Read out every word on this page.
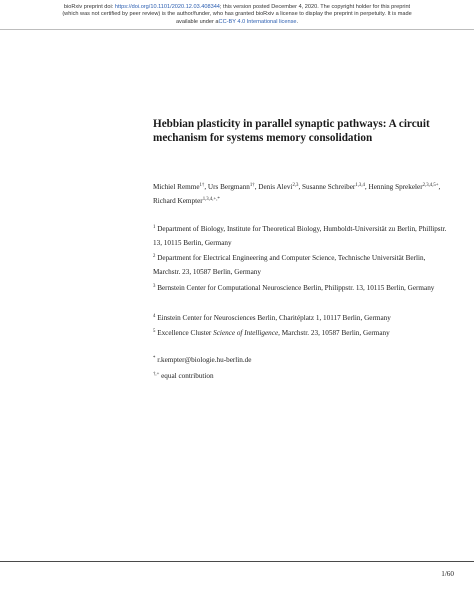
bioRxiv preprint doi: https://doi.org/10.1101/2020.12.03.408344; this version posted December 4, 2020. The copyright holder for this preprint
(which was not certified by peer review) is the author/funder, who has granted bioRxiv a license to display the preprint in perpetuity. It is made
available under aCC-BY 4.0 International license.
Hebbian plasticity in parallel synaptic pathways: A circuit mechanism for systems memory consolidation
Michiel Remme$^{1\dagger}$, Urs Bergmann$^{1\dagger}$, Denis Alevi$^{2,3}$, Susanne Schreiber$^{1,3,4}$, Henning Sprekeler$^{2,3,4,5+}$, Richard Kempter$^{1,3,4,+,*}$
$^1$ Department of Biology, Institute for Theoretical Biology, Humboldt-Universität zu Berlin, Phillipstr. 13, 10115 Berlin, Germany
$^2$ Department for Electrical Engineering and Computer Science, Technische Universität Berlin, Marchstr. 23, 10587 Berlin, Germany
$^3$ Bernstein Center for Computational Neuroscience Berlin, Philippstr. 13, 10115 Berlin, Germany
$^4$ Einstein Center for Neurosciences Berlin, Charitéplatz 1, 10117 Berlin, Germany
$^5$ Excellence Cluster Science of Intelligence, Marchstr. 23, 10587 Berlin, Germany
* r.kempter@biologie.hu-berlin.de
†,+ equal contribution
1/60
